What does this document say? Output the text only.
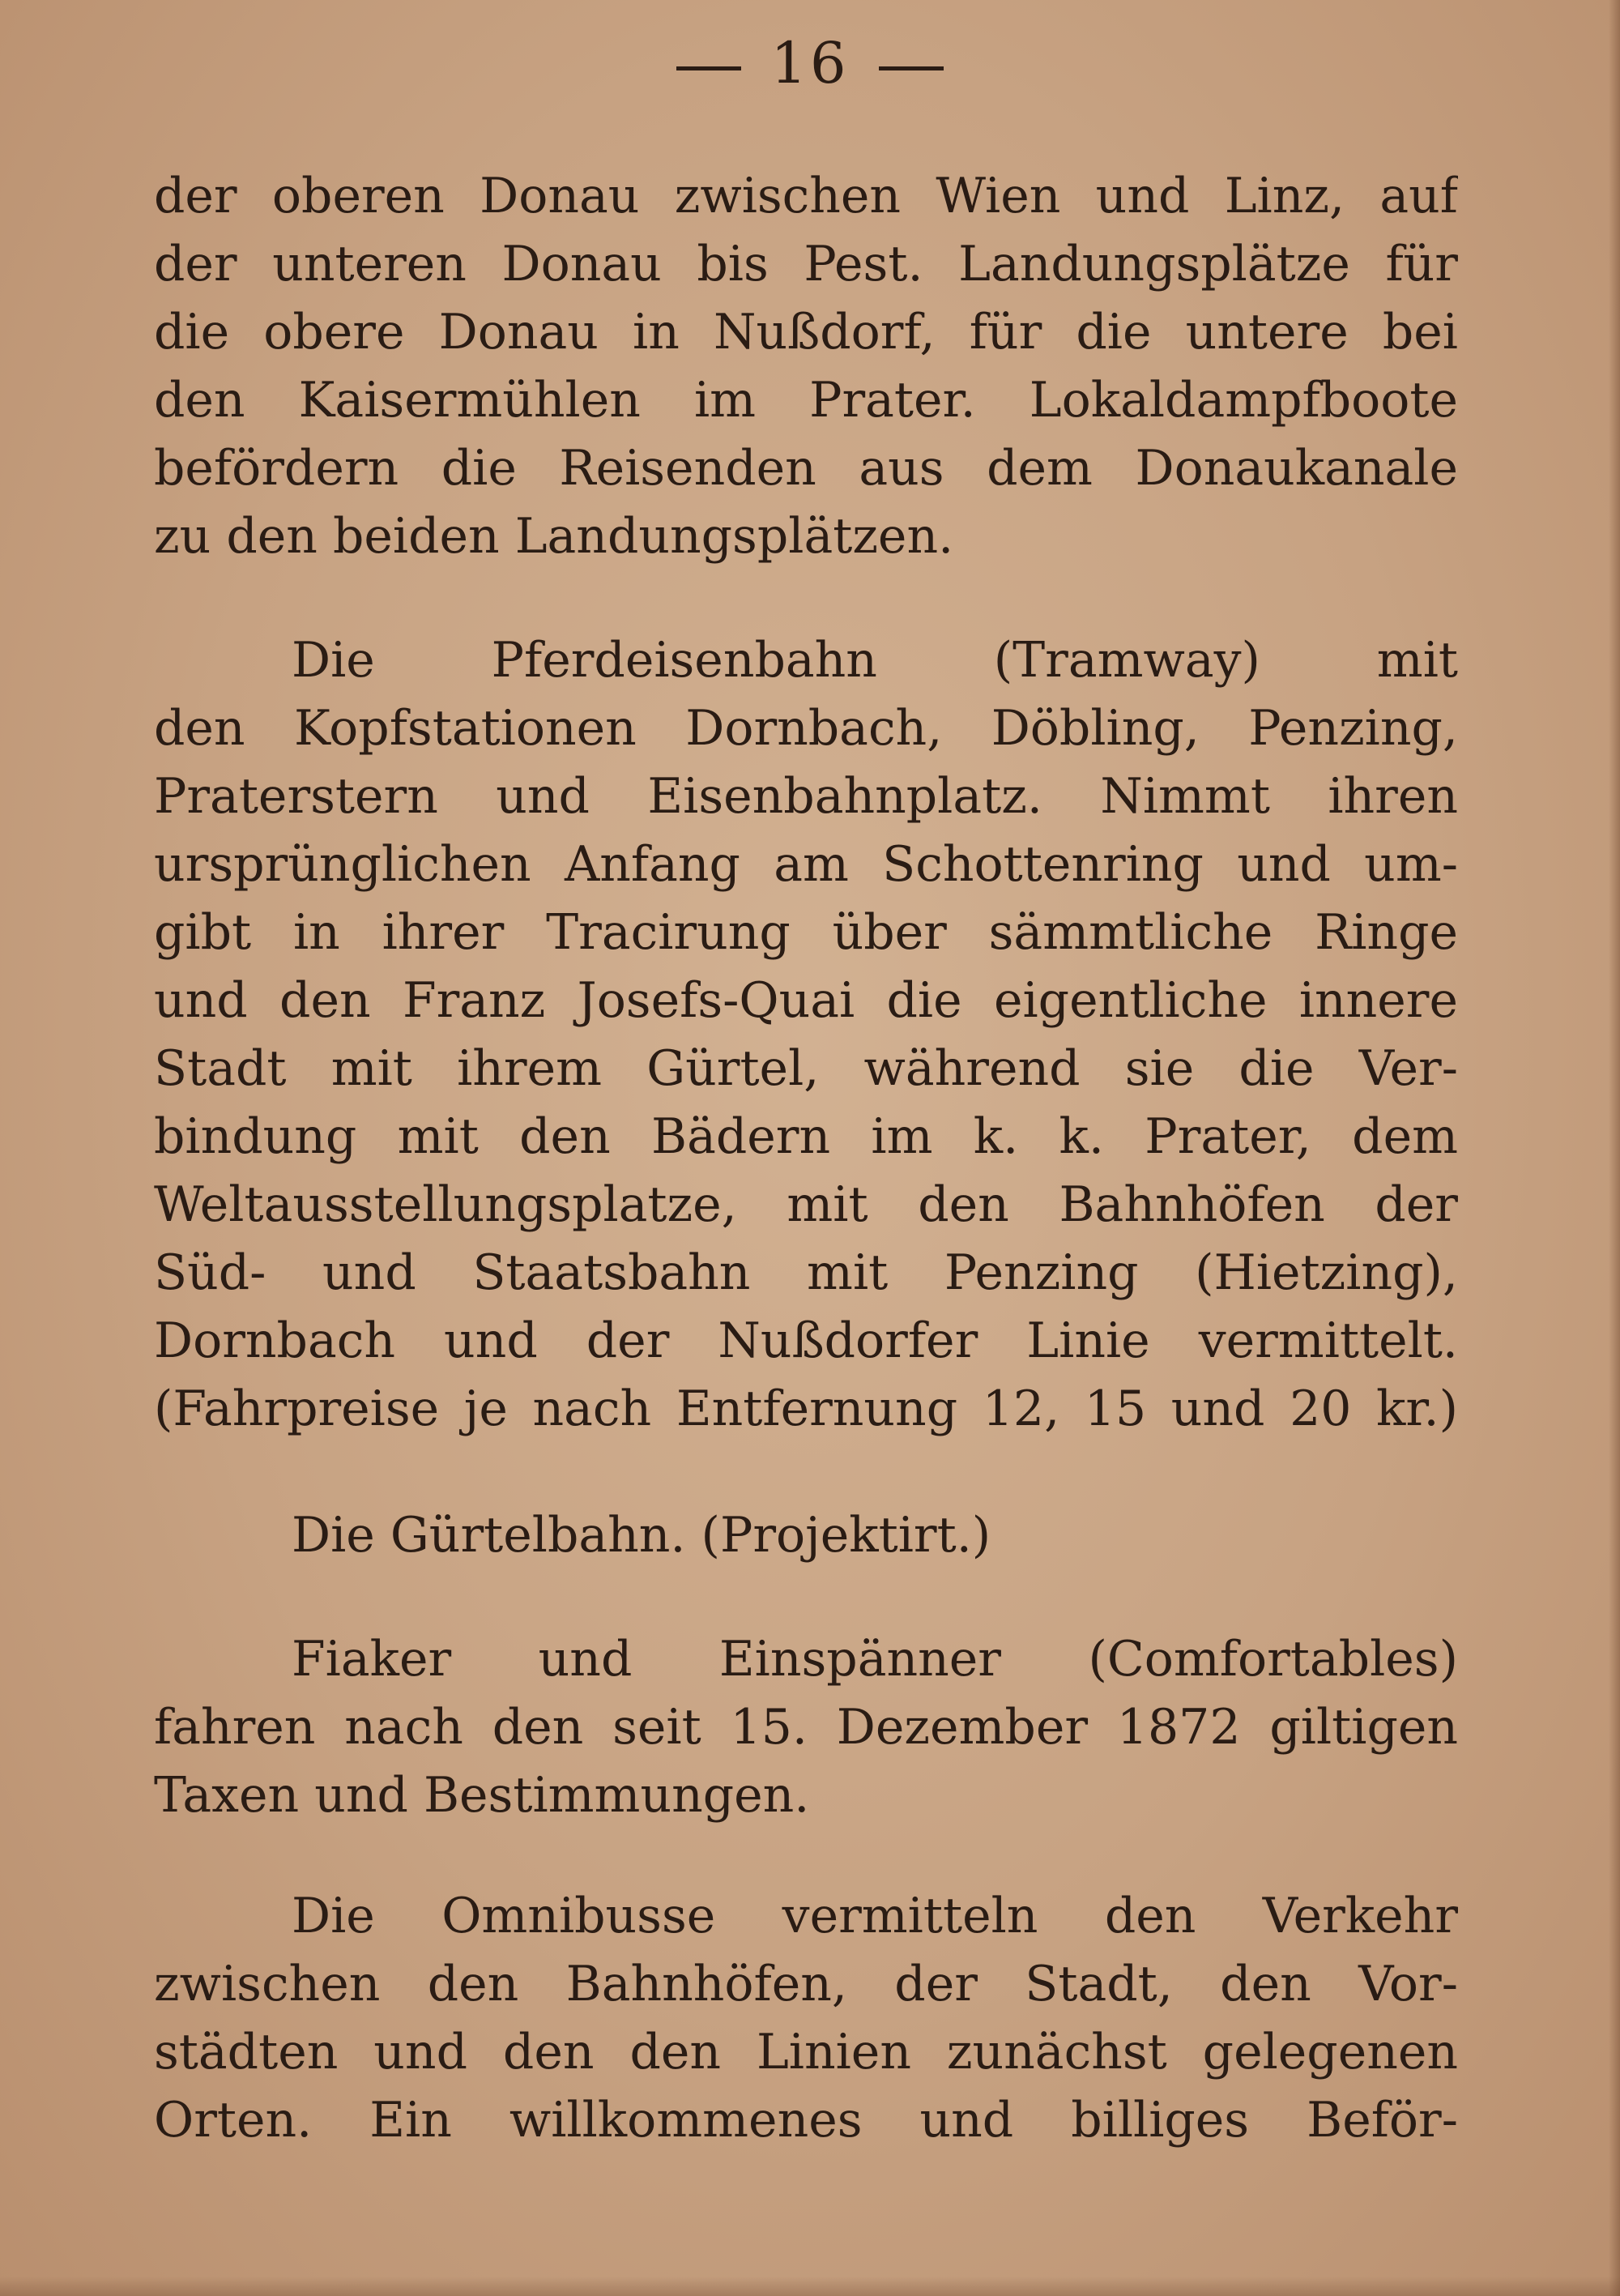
16
der oberen Donau zwischen Wien und Linz, auf
der unteren Donau bis Pest. Landungsplätze für
die obere Donau in Nußdorf, für die untere bei
den Kaisermühlen im Prater. Lokaldampfboote
befördern die Reisenden aus dem Donaukanale
zu den beiden Landungsplätzen.
Die Pferdeisenbahn (Tramway) mit
den Kopfstationen Dornbach, Döbling, Penzing,
Praterstern und Eisenbahnplatz. Nimmt ihren
ursprünglichen Anfang am Schottenring und um-
gibt in ihrer Tracirung über sämmtliche Ringe
und den Franz Josefs-Quai die eigentliche innere
Stadt mit ihrem Gürtel, während sie die Ver-
bindung mit den Bädern im k. k. Prater, dem
Weltausstellungsplatze, mit den Bahnhöfen der
Süd- und Staatsbahn mit Penzing (Hietzing),
Dornbach und der Nußdorfer Linie vermittelt.
(Fahrpreise je nach Entfernung 12, 15 und 20 kr.)
Die Gürtelbahn. (Projektirt.)
Fiaker und Einspänner (Comfortables)
fahren nach den seit 15. Dezember 1872 giltigen
Taxen und Bestimmungen.
Die Omnibusse vermitteln den Verkehr
zwischen den Bahnhöfen, der Stadt, den Vor-
städten und den den Linien zunächst gelegenen
Orten. Ein willkommenes und billiges Beför-
